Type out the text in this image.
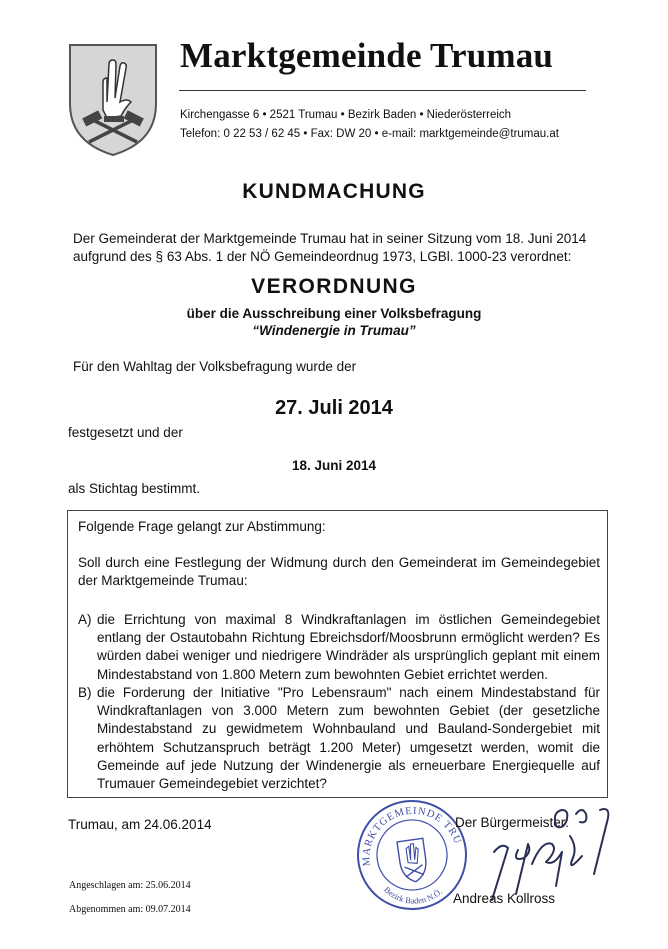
Marktgemeinde Trumau
Kirchengasse 6 • 2521 Trumau • Bezirk Baden • Niederösterreich
Telefon: 0 22 53 / 62 45 • Fax: DW 20 • e-mail: marktgemeinde@trumau.at
KUNDMACHUNG
Der Gemeinderat der Marktgemeinde Trumau hat in seiner Sitzung vom 18. Juni 2014
aufgrund des § 63 Abs. 1 der NÖ Gemeindeordnug 1973, LGBl. 1000-23 verordnet:
VERORDNUNG
über die Ausschreibung einer Volksbefragung
“Windenergie in Trumau”
Für den Wahltag der Volksbefragung wurde der
27. Juli 2014
festgesetzt und der
18. Juni 2014
als Stichtag bestimmt.
Folgende Frage gelangt zur Abstimmung:
Soll durch eine Festlegung der Widmung durch den Gemeinderat im Gemeindegebiet der Marktgemeinde Trumau:
A) die Errichtung von maximal 8 Windkraftanlagen im östlichen Gemeindegebiet entlang der Ostautobahn Richtung Ebreichsdorf/Moosbrunn ermöglicht werden? Es würden dabei weniger und niedrigere Windräder als ursprünglich geplant mit einem Mindestabstand von 1.800 Metern zum bewohnten Gebiet errichtet werden.
B) die Forderung der Initiative "Pro Lebensraum" nach einem Mindestabstand für Windkraftanlagen von 3.000 Metern zum bewohnten Gebiet (der gesetzliche Mindestabstand zu gewidmetem Wohnbauland und Bauland-Sondergebiet mit erhöhtem Schutzanspruch beträgt 1.200 Meter) umgesetzt werden, womit die Gemeinde auf jede Nutzung der Windenergie als erneuerbare Energiequelle auf Trumauer Gemeindegebiet verzichtet?
Trumau, am 24.06.2014
MARKTGEMEINDE TRUMAU
Bezirk Baden N.Ö.
Der Bürgermeister:
Andreas Kollross
Angeschlagen am: 25.06.2014
Abgenommen am: 09.07.2014
